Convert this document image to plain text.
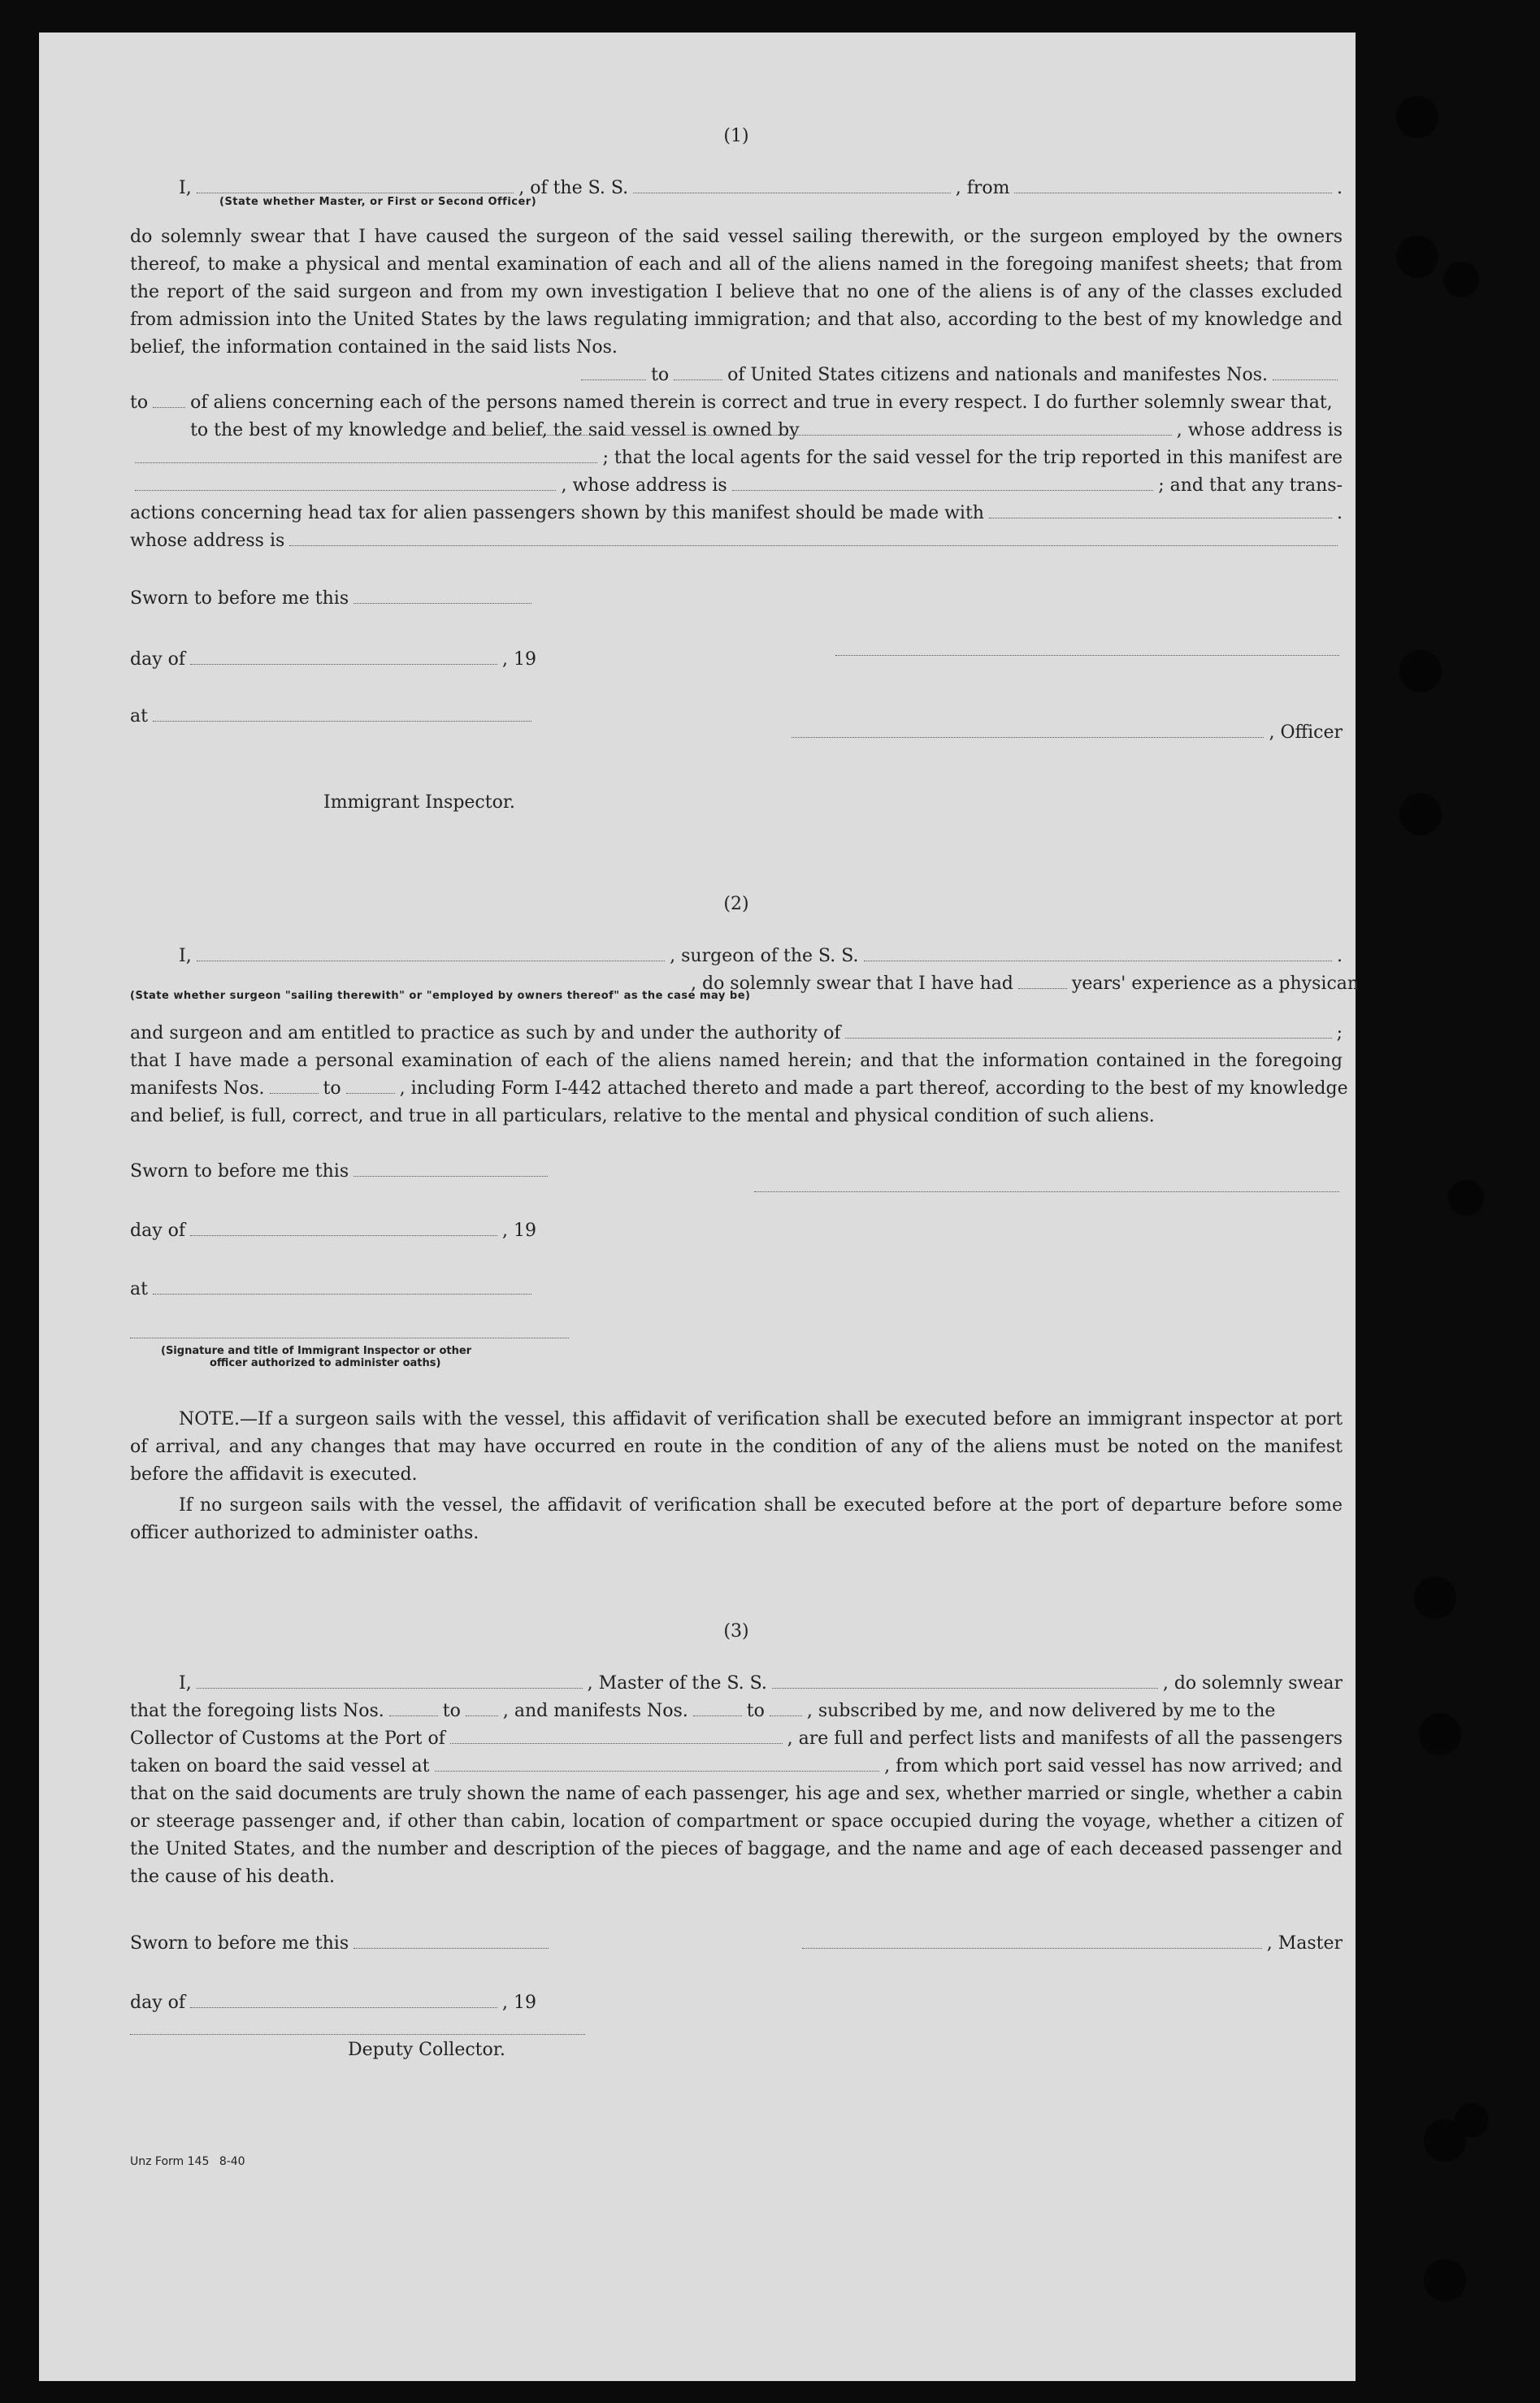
(1)
I,	, of the S. S.	, from	.
(State whether Master, or First or Second Officer)

do solemnly swear that I have caused the surgeon of the said vessel sailing therewith, or the surgeon employed by the owners thereof, to make a physical and mental examination of each and all of the aliens named in the foregoing manifest sheets; that from the report of the said surgeon and from my own investigation I believe that no one of the aliens is of any of the classes excluded from admission into the United States by the laws regulating immigration; and that also, according to the best of my knowledge and belief, the information contained in the said lists Nos.

to	of United States citizens and nationals and manifestes Nos.
to of aliens concerning each of the persons named therein is correct and true in every respect. I do further solemnly swear that, to the best of my knowledge and belief, the said vessel is owned by	, whose address is
; that the local agents for the said vessel for the trip reported in this manifest are
, whose address is	; and that any trans-
actions concerning head tax for alien passengers shown by this manifest should be made with	.
whose address is
Sworn to before me this
day of	, 19
at
, Officer
Immigrant Inspector.
(2)
I,	, surgeon of the S. S.	.
, do solemnly swear that I have had	years' experience as a physican
(State whether surgeon "sailing therewith" or "employed by owners thereof" as the case may be)
and surgeon and am entitled to practice as such by and under the authority of	;

that I have made a personal examination of each of the aliens named herein; and that the information contained in the foregoing

manifests Nos.	to	, including Form I-442 attached thereto and made a part thereof, according to the best of my knowledge

and belief, is full, correct, and true in all particulars, relative to the mental and physical condition of such aliens.

Sworn to before me this
day of	, 19
at
(Signature and title of Immigrant Inspector or other
officer authorized to administer oaths)

NOTE.—If a surgeon sails with the vessel, this affidavit of verification shall be executed before an immigrant inspector at port of arrival, and any changes that may have occurred en route in the condition of any of the aliens must be noted on the manifest before the affidavit is executed.

If no surgeon sails with the vessel, the affidavit of verification shall be executed before at the port of departure before some officer authorized to administer oaths.

(3)
I,	, Master of the S. S.	, do solemnly swear
that the foregoing lists Nos.	to , and manifests Nos.	to , subscribed by me, and now delivered by me to the
Collector of Customs at the Port of	, are full and perfect lists and manifests of all the passengers
taken on board the said vessel at	, from which port said vessel has now arrived; and

that on the said documents are truly shown the name of each passenger, his age and sex, whether married or single, whether a cabin or steerage passenger and, if other than cabin, location of compartment or space occupied during the voyage, whether a citizen of the United States, and the number and description of the pieces of baggage, and the name and age of each deceased passenger and the cause of his death.

Sworn to before me this	, Master
day of	, 19
Deputy Collector.
Unz Form 145 8-40
